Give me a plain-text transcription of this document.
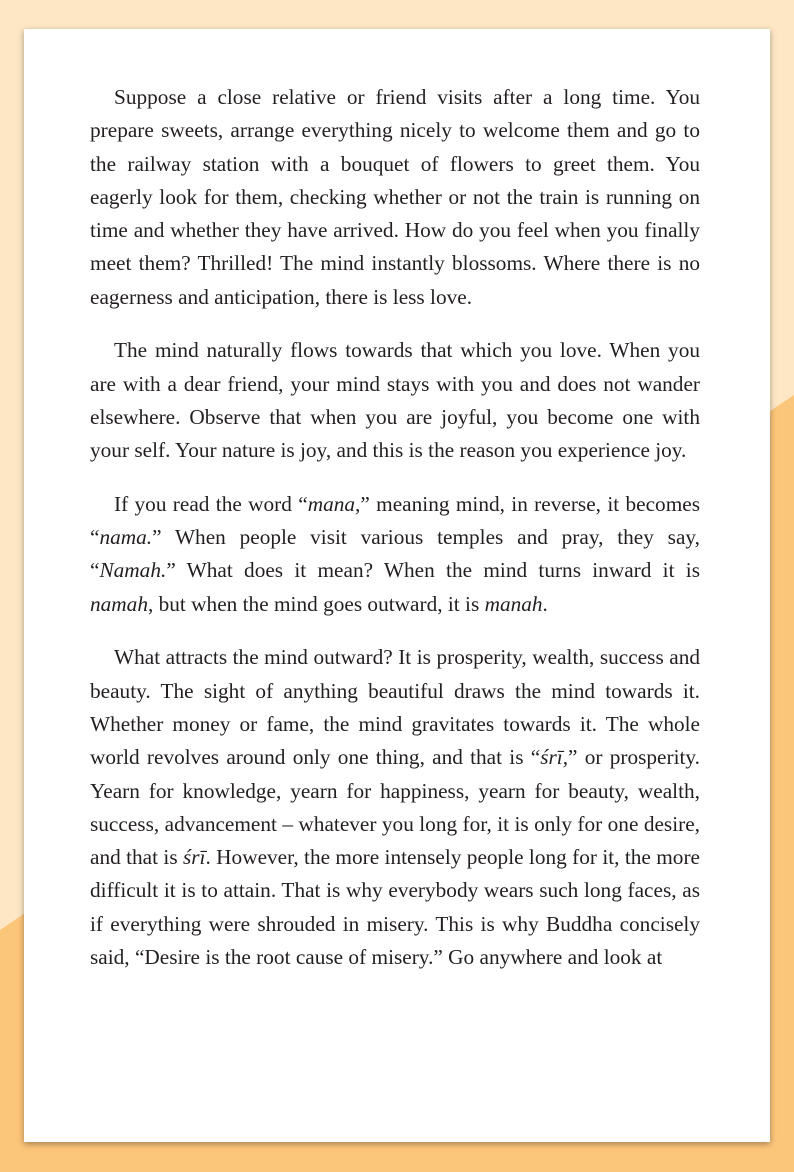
Suppose a close relative or friend visits after a long time. You prepare sweets, arrange everything nicely to welcome them and go to the railway station with a bouquet of flowers to greet them. You eagerly look for them, checking whether or not the train is running on time and whether they have arrived. How do you feel when you finally meet them? Thrilled! The mind instantly blossoms. Where there is no eagerness and anticipation, there is less love.

The mind naturally flows towards that which you love. When you are with a dear friend, your mind stays with you and does not wander elsewhere. Observe that when you are joyful, you become one with your self. Your nature is joy, and this is the reason you experience joy.

If you read the word “mana,” meaning mind, in reverse, it becomes “nama.” When people visit various temples and pray, they say, “Namah.” What does it mean? When the mind turns inward it is namah, but when the mind goes outward, it is manah.

What attracts the mind outward? It is prosperity, wealth, success and beauty. The sight of anything beautiful draws the mind towards it. Whether money or fame, the mind gravitates towards it. The whole world revolves around only one thing, and that is “śrī,” or prosperity. Yearn for knowledge, yearn for happiness, yearn for beauty, wealth, success, advancement – whatever you long for, it is only for one desire, and that is śrī. However, the more intensely people long for it, the more difficult it is to attain. That is why everybody wears such long faces, as if everything were shrouded in misery. This is why Buddha concisely said, “Desire is the root cause of misery.” Go anywhere and look at
